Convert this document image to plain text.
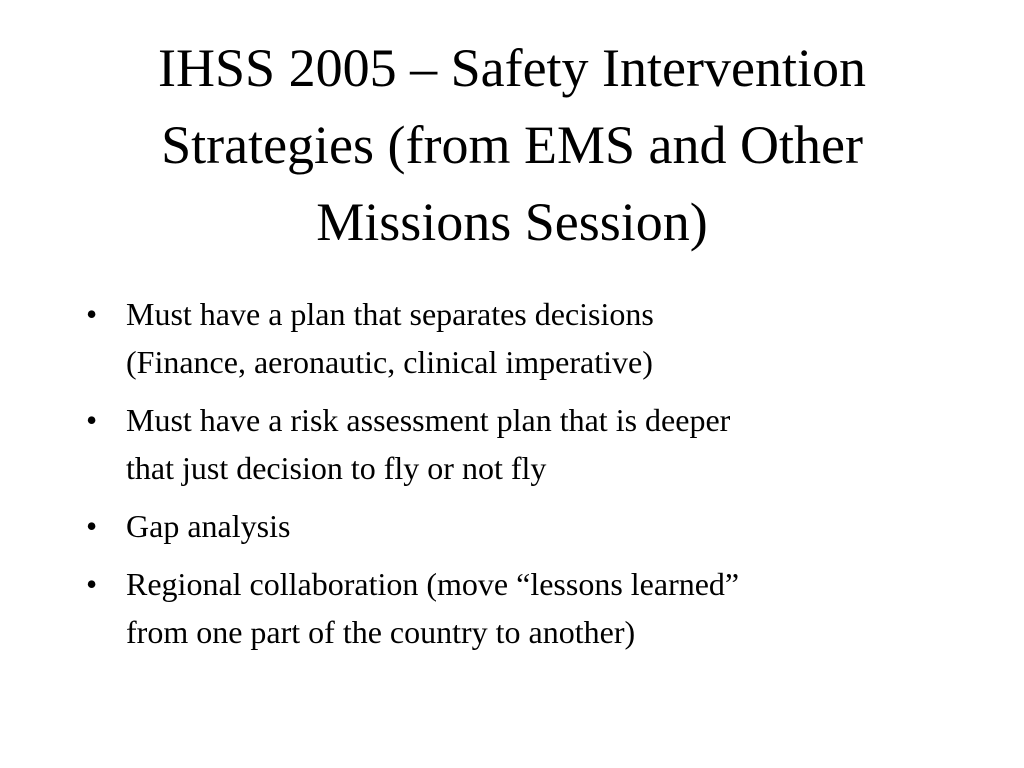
IHSS 2005 – Safety Intervention
Strategies (from EMS and Other
Missions Session)
• Must have a plan that separates decisions
(Finance, aeronautic, clinical imperative)
• Must have a risk assessment plan that is deeper
that just decision to fly or not fly
• Gap analysis
• Regional collaboration (move “lessons learned”
from one part of the country to another)
